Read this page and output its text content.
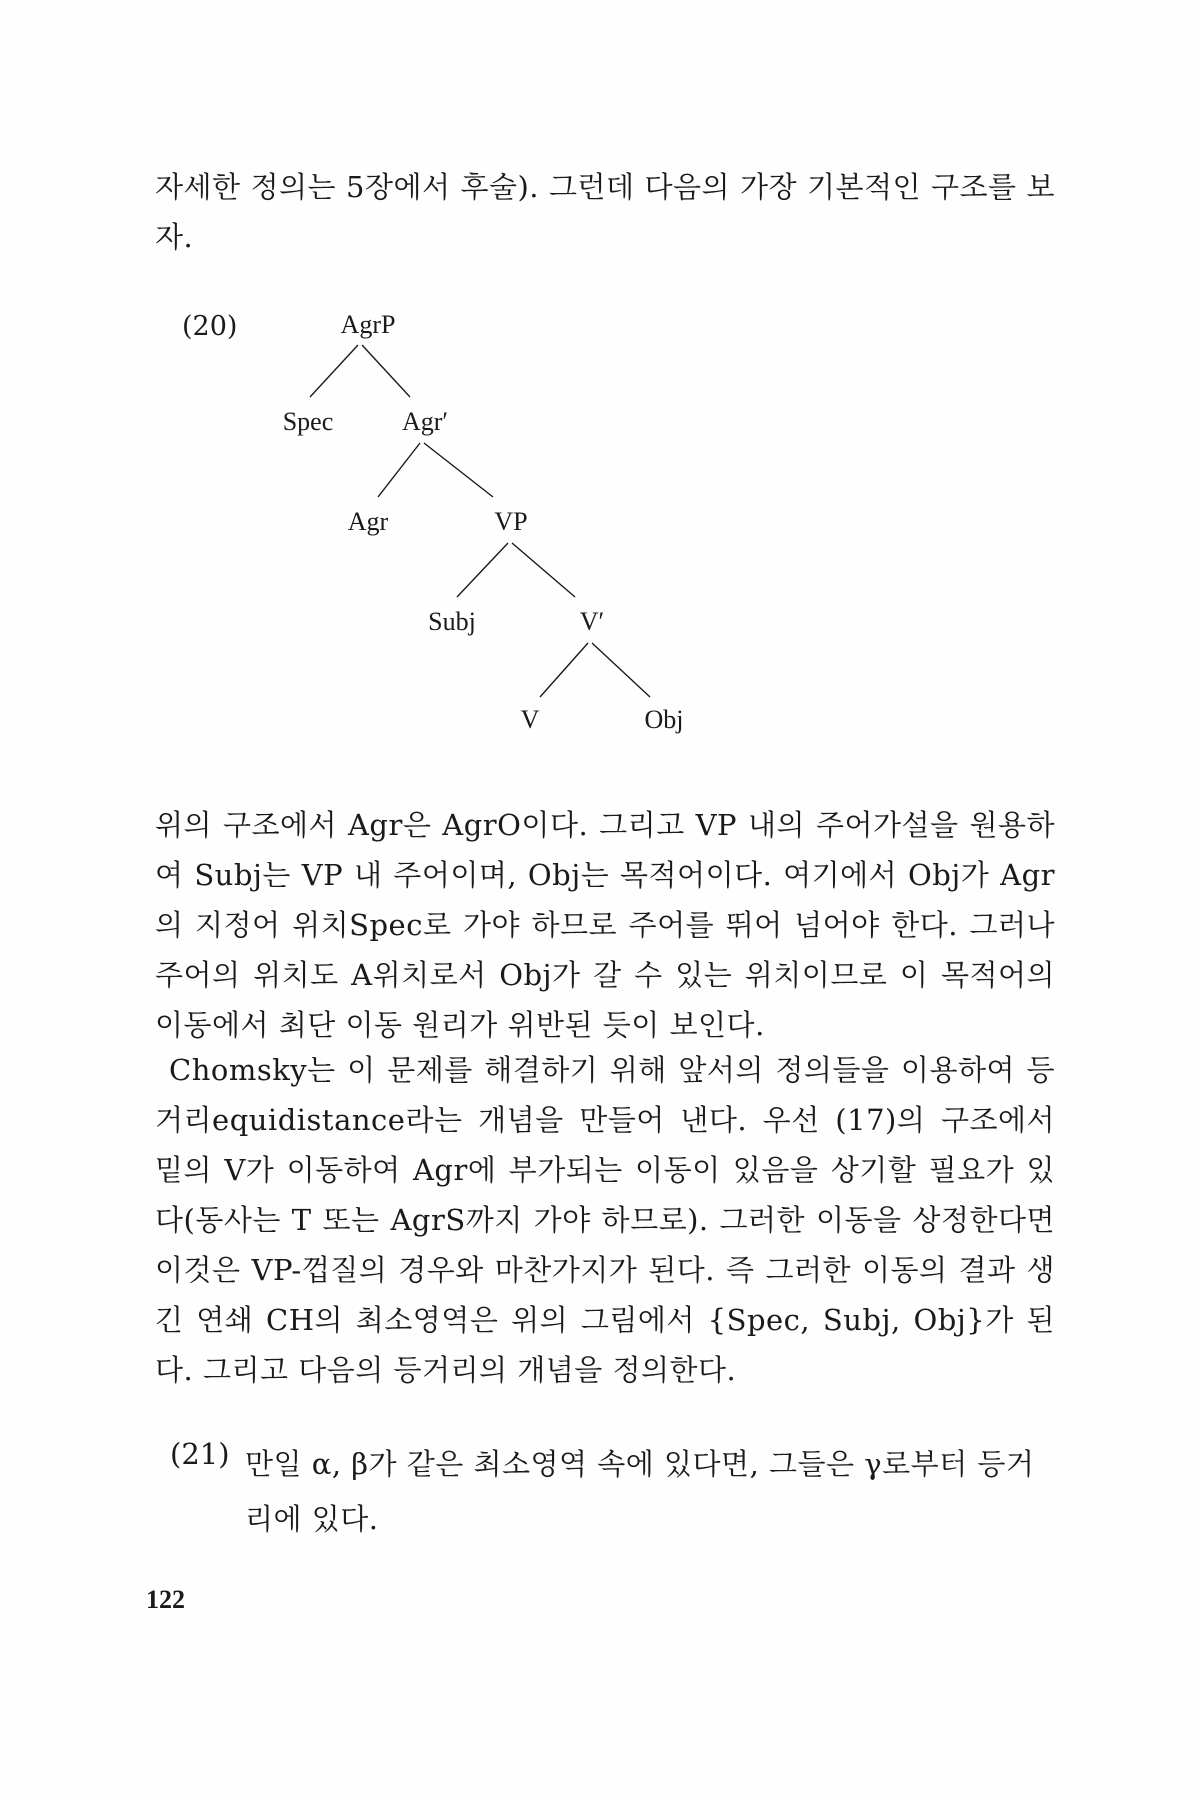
자세한 정의는 5장에서 후술). 그런데 다음의 가장 기본적인 구조를 보자.

(20)	AgrP
Spec	Agr′
Agr	VP
Subj	V′
V	Obj

위의 구조에서 Agr은 AgrO이다. 그리고 VP 내의 주어가설을 원용하여 Subj는 VP 내 주어이며, Obj는 목적어이다. 여기에서 Obj가 Agr의 지정어 위치Spec로 가야 하므로 주어를 뛰어 넘어야 한다. 그러나 주어의 위치도 A위치로서 Obj가 갈 수 있는 위치이므로 이 목적어의 이동에서 최단 이동 원리가 위반된 듯이 보인다.

Chomsky는 이 문제를 해결하기 위해 앞서의 정의들을 이용하여 등거리equidistance라는 개념을 만들어 낸다. 우선 (17)의 구조에서 밑의 V가 이동하여 Agr에 부가되는 이동이 있음을 상기할 필요가 있다(동사는 T 또는 AgrS까지 가야 하므로). 그러한 이동을 상정한다면 이것은 VP-껍질의 경우와 마찬가지가 된다. 즉 그러한 이동의 결과 생긴 연쇄 CH의 최소영역은 위의 그림에서 {Spec, Subj, Obj}가 된다. 그리고 다음의 등거리의 개념을 정의한다.

(21) 만일 α, β가 같은 최소영역 속에 있다면, 그들은 γ로부터 등거리에 있다.
122
